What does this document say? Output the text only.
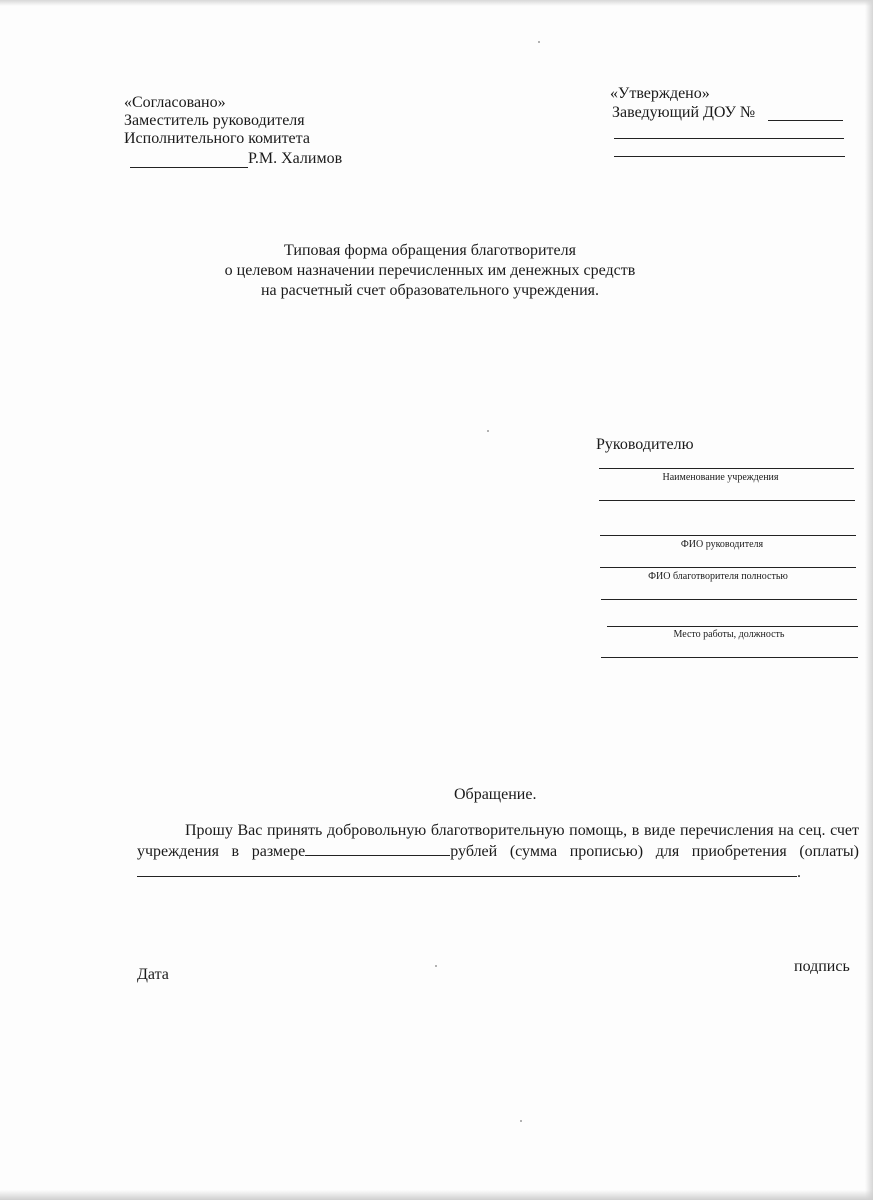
«Согласовано»
Заместитель руководителя
Исполнительного комитета
Р.М. Халимов
«Утверждено»
Заведующий ДОУ №
Типовая форма обращения благотворителя
о целевом назначении перечисленных им денежных средств
на расчетный счет образовательного учреждения.
Руководителю
Наименование учреждения
ФИО руководителя
ФИО благотворителя полностью
Место работы, должность
Обращение.
Прошу Вас принять добровольную благотворительную помощь, в виде перечисления на сец. счет учреждения в размере	рублей (сумма прописью) для приобретения (оплаты).
Дата	подпись
